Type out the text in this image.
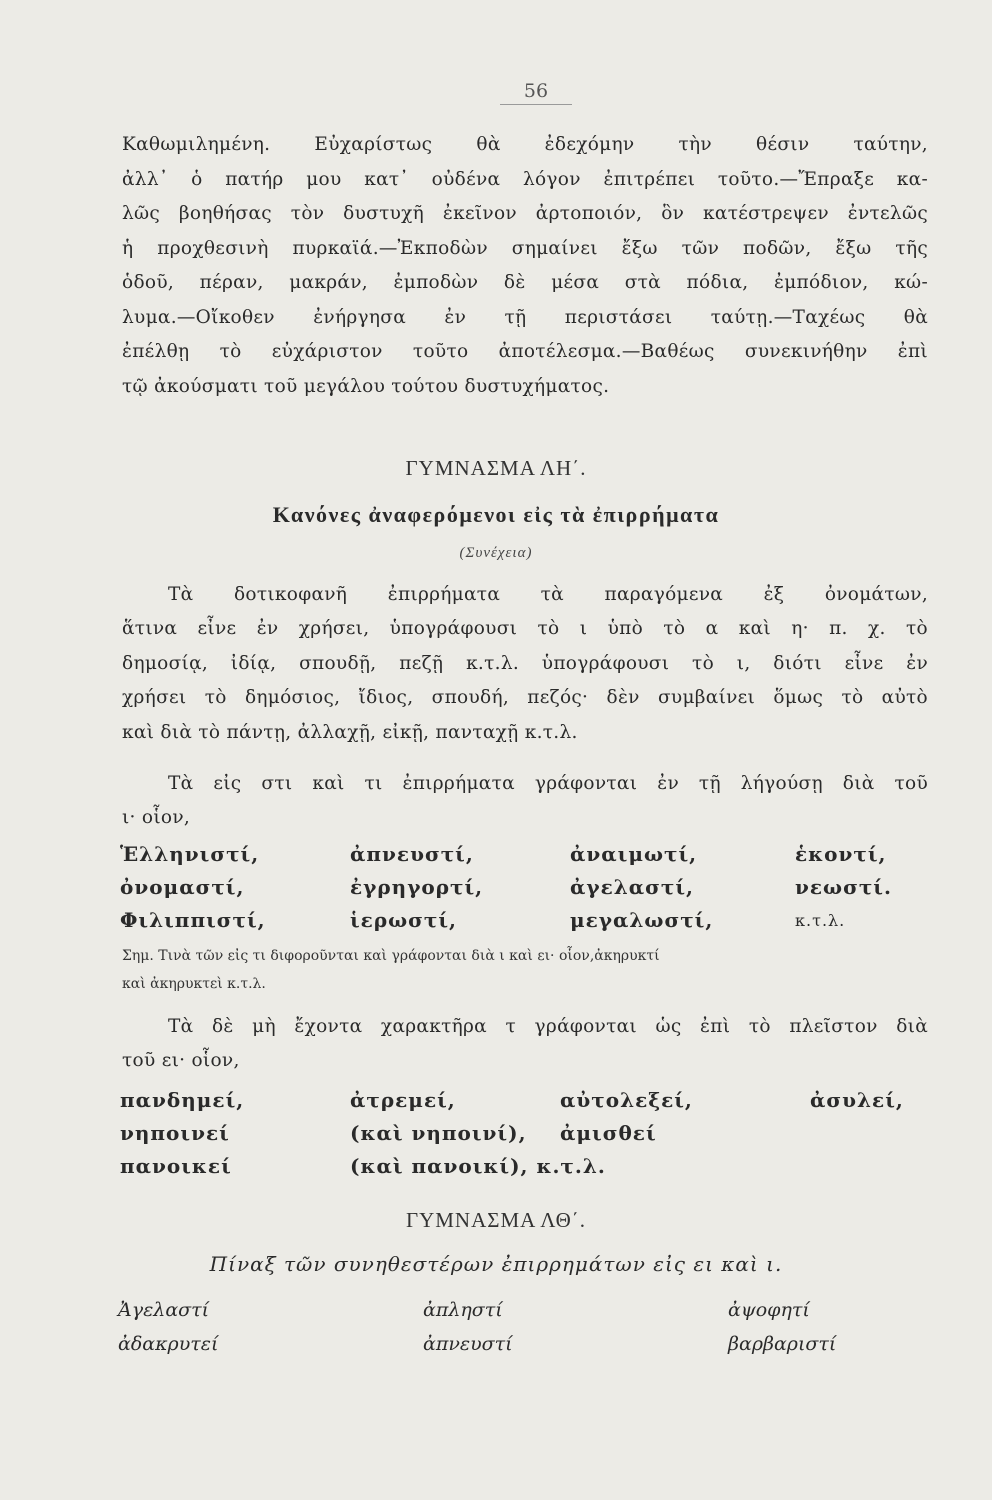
56
Καθωμιλημένη. Εὐχαρίστως θὰ ἐδεχόμην τὴν θέσιν ταύτην,
ἀλλ᾽ ὁ πατήρ μου κατ᾽ οὐδένα λόγον ἐπιτρέπει τοῦτο.—Ἔπραξε κα-
λῶς βοηθήσας τὸν δυστυχῆ ἐκεῖνον ἀρτοποιόν, ὃν κατέστρεψεν ἐντελῶς
ἡ προχθεσινὴ πυρκαϊά.—Ἐκποδὼν σημαίνει ἔξω τῶν ποδῶν, ἔξω τῆς
ὁδοῦ, πέραν, μακράν, ἐμποδὼν δὲ μέσα στὰ πόδια, ἐμπόδιον, κώ-
λυμα.—Οἴκοθεν ἐνήργησα ἐν τῇ περιστάσει ταύτῃ.—Ταχέως θὰ
ἐπέλθῃ τὸ εὐχάριστον τοῦτο ἀποτέλεσμα.—Βαθέως συνεκινήθην ἐπὶ
τῷ ἀκούσματι τοῦ μεγάλου τούτου δυστυχήματος.
ΓΥΜΝΑΣΜΑ ΛΗ΄.
Κανόνες ἀναφερόμενοι εἰς τὰ ἐπιρρήματα
(Συνέχεια)
Τὰ δοτικοφανῆ ἐπιρρήματα τὰ παραγόμενα ἐξ ὀνομάτων,
ἅτινα εἶνε ἐν χρήσει, ὑπογράφουσι τὸ ι ὑπὸ τὸ α καὶ η· π. χ. τὸ
δημοσίᾳ, ἰδίᾳ, σπουδῇ, πεζῇ κ.τ.λ. ὑπογράφουσι τὸ ι, διότι εἶνε ἐν
χρήσει τὸ δημόσιος, ἴδιος, σπουδή, πεζός· δὲν συμβαίνει ὅμως τὸ αὐτὸ
καὶ διὰ τὸ πάντῃ, ἀλλαχῇ, εἰκῇ, πανταχῇ κ.τ.λ.
Τὰ εἰς στι καὶ τι ἐπιρρήματα γράφονται ἐν τῇ λήγούσῃ διὰ τοῦ
ι· οἷον,
Ἑλληνιστί,	ἀπνευστί,	ἀναιμωτί,	ἑκοντί,
ὀνομαστί,	ἐγρηγορτί,	ἀγελαστί,	νεωστί.
Φιλιππιστί,	ἱερωστί,	μεγαλωστί,	κ.τ.λ.
Σημ. Τινὰ τῶν εἰς τι διφοροῦνται καὶ γράφονται διὰ ι καὶ ει· οἷον,ἀκηρυκτί
καὶ ἀκηρυκτεὶ κ.τ.λ.
Τὰ δὲ μὴ ἔχοντα χαρακτῆρα τ γράφονται ὡς ἐπὶ τὸ πλεῖστον διὰ
τοῦ ει· οἷον,
πανδημεί,	ἀτρεμεί,	αὐτολεξεί,	ἀσυλεί,
νηποινεί	(καὶ νηποινί),	ἀμισθεί
πανοικεί	(καὶ πανοικί), κ.τ.λ.
ΓΥΜΝΑΣΜΑ ΛΘ΄.
Πίναξ τῶν συνηθεστέρων ἐπιρρημάτων εἰς ει καὶ ι.
Ἀγελαστί	ἀπληστί	ἀψοφητί
ἀδακρυτεί	ἀπνευστί	βαρβαριστί
